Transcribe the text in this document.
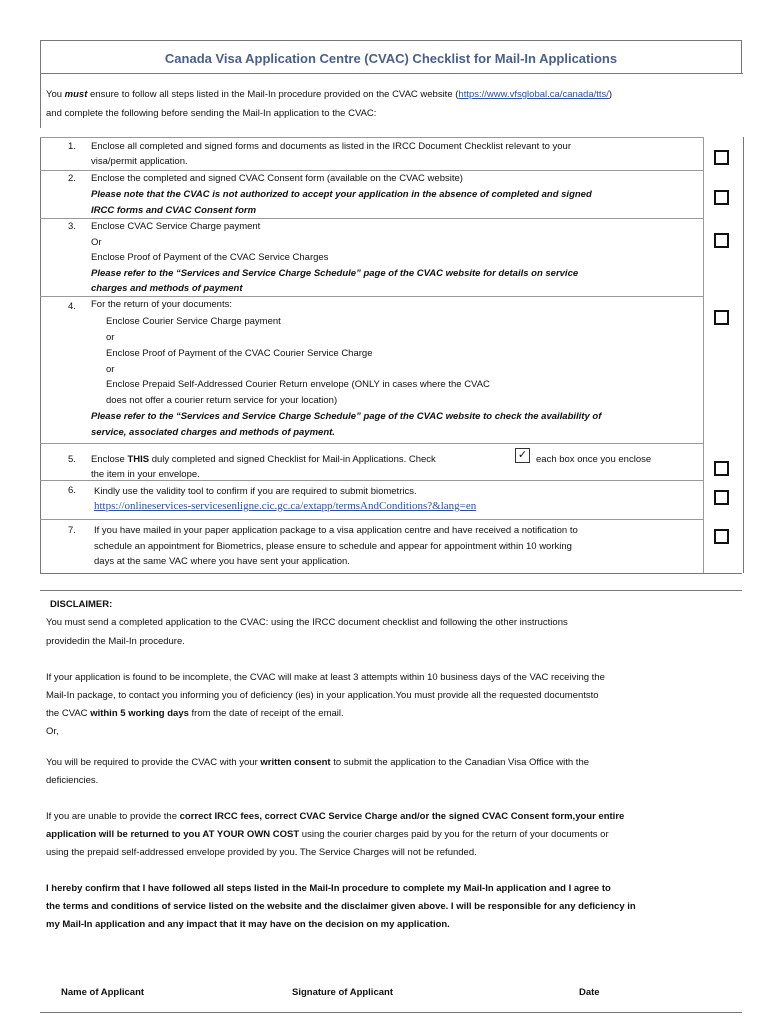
Canada Visa Application Centre (CVAC) Checklist for Mail-In Applications
You must ensure to follow all steps listed in the Mail-In procedure provided on the CVAC website (https://www.vfsglobal.ca/canada/tts/)
and complete the following before sending the Mail-In application to the CVAC:
1. Enclose all completed and signed forms and documents as listed in the IRCC Document Checklist relevant to your
visa/permit application.
2. Enclose the completed and signed CVAC Consent form (available on the CVAC website)
Please note that the CVAC is not authorized to accept your application in the absence of completed and signed
IRCC forms and CVAC Consent form
3. Enclose CVAC Service Charge payment
Or
Enclose Proof of Payment of the CVAC Service Charges
Please refer to the “Services and Service Charge Schedule” page of the CVAC website for details on service
charges and methods of payment
4. For the return of your documents:
Enclose Courier Service Charge payment
or
Enclose Proof of Payment of the CVAC Courier Service Charge
or
Enclose Prepaid Self-Addressed Courier Return envelope (ONLY in cases where the CVAC
does not offer a courier return service for your location)
Please refer to the “Services and Service Charge Schedule” page of the CVAC website to check the availability of
service, associated charges and methods of payment.
5. Enclose THIS duly completed and signed Checklist for Mail-in Applications. Check	✓ each box once you enclose
the item in your envelope.
6. Kindly use the validity tool to confirm if you are required to submit biometrics.
https://onlineservices-servicesenligne.cic.gc.ca/extapp/termsAndConditions?&lang=en
7. If you have mailed in your paper application package to a visa application centre and have received a notification to
schedule an appointment for Biometrics, please ensure to schedule and appear for appointment within 10 working
days at the same VAC where you have sent your application.
DISCLAIMER:
You must send a completed application to the CVAC: using the IRCC document checklist and following the other instructions
providedin the Mail-In procedure.
If your application is found to be incomplete, the CVAC will make at least 3 attempts within 10 business days of the VAC receiving the
Mail-In package, to contact you informing you of deficiency (ies) in your application.You must provide all the requested documentsto
the CVAC within 5 working days from the date of receipt of the email.
Or,
You will be required to provide the CVAC with your written consent to submit the application to the Canadian Visa Office with the
deficiencies.
If you are unable to provide the correct IRCC fees, correct CVAC Service Charge and/or the signed CVAC Consent form,your entire
application will be returned to you AT YOUR OWN COST using the courier charges paid by you for the return of your documents or
using the prepaid self-addressed envelope provided by you. The Service Charges will not be refunded.
I hereby confirm that I have followed all steps listed in the Mail-In procedure to complete my Mail-In application and I agree to
the terms and conditions of service listed on the website and the disclaimer given above. I will be responsible for any deficiency in
my Mail-In application and any impact that it may have on the decision on my application.
Name of Applicant	Signature of Applicant	Date
